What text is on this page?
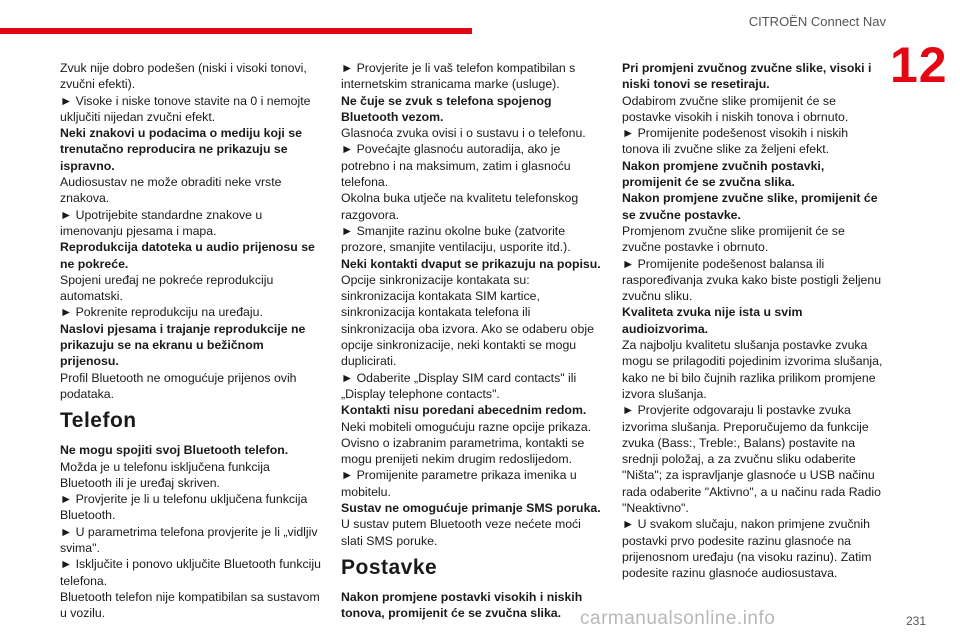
CITROËN Connect Nav
12

Zvuk nije dobro podešen (niski i visoki tonovi, zvučni efekti).

► Visoke i niske tonove stavite na 0 i nemojte uključiti nijedan zvučni efekt.

Neki znakovi u podacima o mediju koji se trenutačno reproducira ne prikazuju se ispravno.

Audiosustav ne može obraditi neke vrste znakova.

► Upotrijebite standardne znakove u imenovanju pjesama i mapa.

Reprodukcija datoteka u audio prijenosu se ne pokreće.

Spojeni uređaj ne pokreće reprodukciju automatski.

► Pokrenite reprodukciju na uređaju.

Naslovi pjesama i trajanje reprodukcije ne prikazuju se na ekranu u bežičnom prijenosu.

Profil Bluetooth ne omogućuje prijenos ovih podataka.

Telefon

Ne mogu spojiti svoj Bluetooth telefon.

Možda je u telefonu isključena funkcija Bluetooth ili je uređaj skriven.

► Provjerite je li u telefonu uključena funkcija Bluetooth.

► U parametrima telefona provjerite je li „vidljiv svima".

► Isključite i ponovo uključite Bluetooth funkciju telefona.

Bluetooth telefon nije kompatibilan sa sustavom u vozilu.

► Provjerite je li vaš telefon kompatibilan s internetskim stranicama marke (usluge).

Ne čuje se zvuk s telefona spojenog Bluetooth vezom.

Glasnoća zvuka ovisi i o sustavu i o telefonu.

► Povećajte glasnoću autoradija, ako je potrebno i na maksimum, zatim i glasnoću telefona.

Okolna buka utječe na kvalitetu telefonskog razgovora.

► Smanjite razinu okolne buke (zatvorite prozore, smanjite ventilaciju, usporite itd.).

Neki kontakti dvaput se prikazuju na popisu.

Opcije sinkronizacije kontakata su: sinkronizacija kontakata SIM kartice, sinkronizacija kontakata telefona ili sinkronizacija oba izvora. Ako se odaberu obje opcije sinkronizacije, neki kontakti se mogu duplicirati.

► Odaberite „Display SIM card contacts" ili „Display telephone contacts".

Kontakti nisu poredani abecednim redom.

Neki mobiteli omogućuju razne opcije prikaza. Ovisno o izabranim parametrima, kontakti se mogu prenijeti nekim drugim redoslijedom.

► Promijenite parametre prikaza imenika u mobitelu.

Sustav ne omogućuje primanje SMS poruka.

U sustav putem Bluetooth veze nećete moći slati SMS poruke.

Postavke

Nakon promjene postavki visokih i niskih tonova, promijenit će se zvučna slika.

Pri promjeni zvučnog zvučne slike, visoki i niski tonovi se resetiraju.

Odabirom zvučne slike promijenit će se postavke visokih i niskih tonova i obrnuto.

► Promijenite podešenost visokih i niskih tonova ili zvučne slike za željeni efekt.

Nakon promjene zvučnih postavki, promijenit će se zvučna slika.

Nakon promjene zvučne slike, promijenit će se zvučne postavke.

Promjenom zvučne slike promijenit će se zvučne postavke i obrnuto.

► Promijenite podešenost balansa ili raspoređivanja zvuka kako biste postigli željenu zvučnu sliku.

Kvaliteta zvuka nije ista u svim audioizvorima.

Za najbolju kvalitetu slušanja postavke zvuka mogu se prilagoditi pojedinim izvorima slušanja, kako ne bi bilo čujnih razlika prilikom promjene izvora slušanja.

► Provjerite odgovaraju li postavke zvuka izvorima slušanja. Preporučujemo da funkcije zvuka (Bass:, Treble:, Balans) postavite na srednji položaj, a za zvučnu sliku odaberite "Ništa"; za ispravljanje glasnoće u USB načinu rada odaberite "Aktivno", a u načinu rada Radio "Neaktivno".

► U svakom slučaju, nakon primjene zvučnih postavki prvo podesite razinu glasnoće na prijenosnom uređaju (na visoku razinu). Zatim podesite razinu glasnoće audiosustava.

carmanualsonline.info	231
